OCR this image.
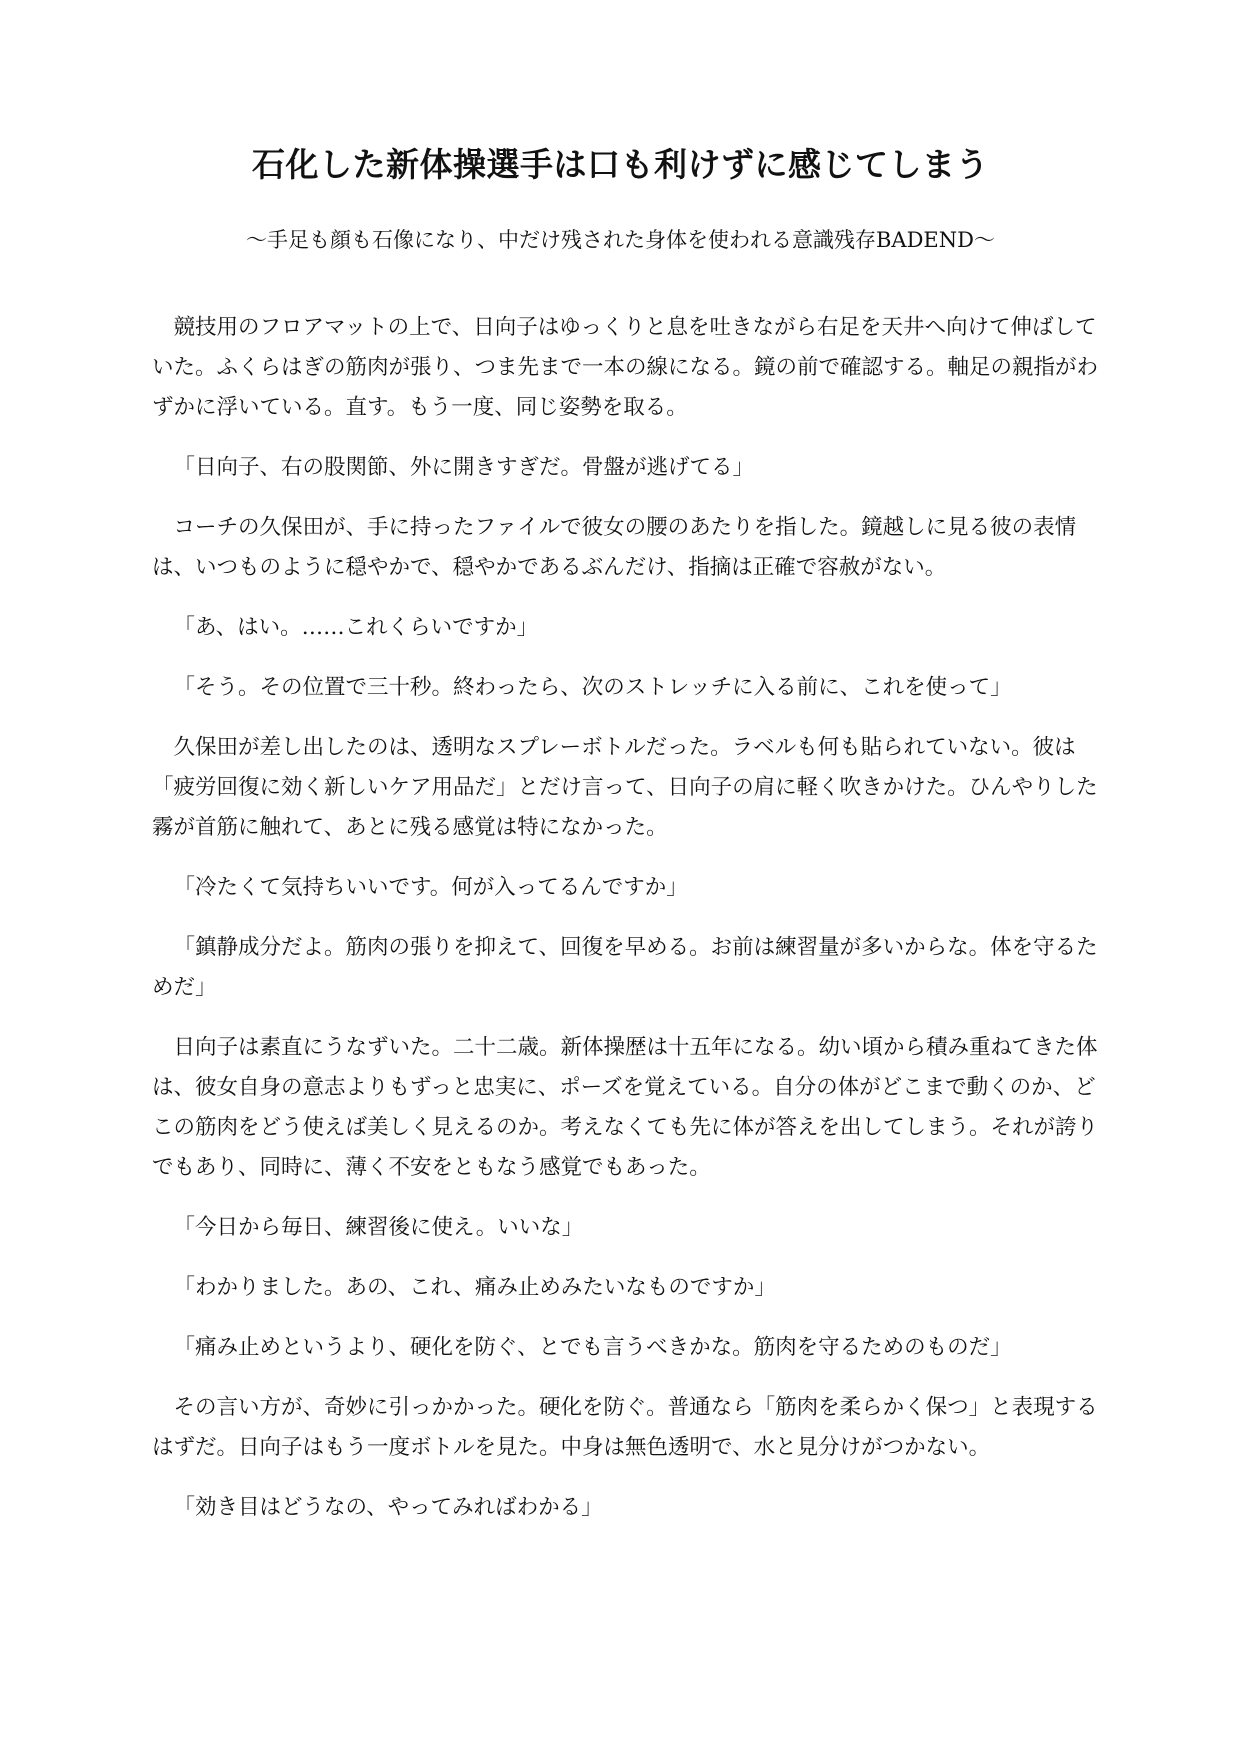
石化した新体操選手は口も利けずに感じてしまう

〜手足も顔も石像になり、中だけ残された身体を使われる意識残存BADEND〜

競技用のフロアマットの上で、日向子はゆっくりと息を吐きながら右足を天井へ向けて伸ばしていた。ふくらはぎの筋肉が張り、つま先まで一本の線になる。鏡の前で確認する。軸足の親指がわずかに浮いている。直す。もう一度、同じ姿勢を取る。

「日向子、右の股関節、外に開きすぎだ。骨盤が逃げてる」

コーチの久保田が、手に持ったファイルで彼女の腰のあたりを指した。鏡越しに見る彼の表情は、いつものように穏やかで、穏やかであるぶんだけ、指摘は正確で容赦がない。

「あ、はい。……これくらいですか」

「そう。その位置で三十秒。終わったら、次のストレッチに入る前に、これを使って」

久保田が差し出したのは、透明なスプレーボトルだった。ラベルも何も貼られていない。彼は「疲労回復に効く新しいケア用品だ」とだけ言って、日向子の肩に軽く吹きかけた。ひんやりした霧が首筋に触れて、あとに残る感覚は特になかった。

「冷たくて気持ちいいです。何が入ってるんですか」

「鎮静成分だよ。筋肉の張りを抑えて、回復を早める。お前は練習量が多いからな。体を守るためだ」

日向子は素直にうなずいた。二十二歳。新体操歴は十五年になる。幼い頃から積み重ねてきた体は、彼女自身の意志よりもずっと忠実に、ポーズを覚えている。自分の体がどこまで動くのか、どこの筋肉をどう使えば美しく見えるのか。考えなくても先に体が答えを出してしまう。それが誇りでもあり、同時に、薄く不安をともなう感覚でもあった。

「今日から毎日、練習後に使え。いいな」

「わかりました。あの、これ、痛み止めみたいなものですか」

「痛み止めというより、硬化を防ぐ、とでも言うべきかな。筋肉を守るためのものだ」

その言い方が、奇妙に引っかかった。硬化を防ぐ。普通なら「筋肉を柔らかく保つ」と表現するはずだ。日向子はもう一度ボトルを見た。中身は無色透明で、水と見分けがつかない。

「効き目はどうなの、やってみればわかる」
